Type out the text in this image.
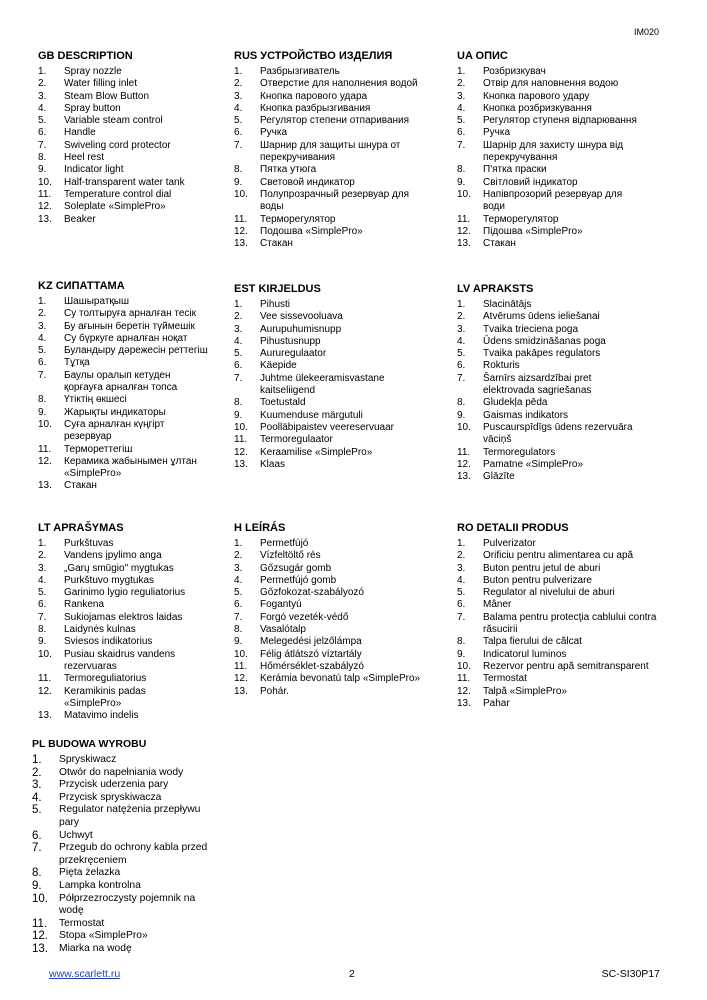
IM020
GB DESCRIPTION
1.	Spray nozzle
2.	Water filling inlet
3.	Steam Blow Button
4.	Spray button
5.	Variable steam control
6.	Handle
7.	Swiveling cord protector
8.	Heel rest
9.	Indicator light
10.	Half-transparent water tank
11.	Temperature control dial
12.	Soleplate «SimplePro»
13.	Beaker
RUS УСТРОЙСТВО ИЗДЕЛИЯ
1.	Разбрызгиватель
2.	Отверстие для наполнения водой
3.	Кнопка парового удара
4.	Кнопка разбрызгивания
5.	Регулятор степени отпаривания
6.	Ручка
7.	Шарнир для защиты шнура от перекручивания
8.	Пятка утюга
9.	Световой индикатор
10.	Полупрозрачный резервуар для воды
11.	Терморегулятор
12.	Подошва «SimplePro»
13.	Стакан
UA ОПИС
1.	Розбризкувач
2.	Отвір для наповнення водою
3.	Кнопка парового удару
4.	Кнопка розбризкування
5.	Регулятор ступеня відпарювання
6.	Ручка
7.	Шарнір для захисту шнура від перекручування
8.	П'ятка праски
9.	Світловий індикатор
10.	Напівпрозорий резервуар для води
11.	Терморегулятор
12.	Підошва «SimplePro»
13.	Стакан
KZ СИПАТТАМА
1.	Шашыратқыш
2.	Су толтыруға арналған тесік
3.	Бу ағынын беретін түймешік
4.	Су бүркуге арналған ноқат
5.	Буландыру дәрежесін реттегіш
6.	Тұтқа
7.	Баулы оралып кетуден қорғауға арналған топса
8.	Үтіктің өкшесі
9.	Жарықты индикаторы
10.	Суға арналған күңгірт резервуар
11.	Термореттегіш
12.	Керамика жабынымен ұлтан «SimplePro»
13.	Стакан
EST KIRJELDUS
1.	Pihusti
2.	Vee sissevooluava
3.	Aurupuhumisnupp
4.	Pihustusnupp
5.	Aururegulaator
6.	Käepide
7.	Juhtme ülekeeramisvastane kaitseliigend
8.	Toetustald
9.	Kuumenduse märgutuli
10.	Poolläbipaistev veereservuaar
11.	Termoregulaator
12.	Keraamilise «SimplePro»
13.	Klaas
LV APRAKSTS
1.	Slacinātājs
2.	Atvērums ūdens ieliešanai
3.	Tvaika trieciena poga
4.	Ūdens smidzināšanas poga
5.	Tvaika pakāpes regulators
6.	Rokturis
7.	Šarnīrs aizsardzībai pret elektrovada sagriešanas
8.	Gludekļa pēda
9.	Gaismas indikators
10.	Puscaurspīdīgs ūdens rezervuāra vāciņš
11.	Termoregulators
12.	Pamatne «SimplePro»
13.	Glāzīte
LT APRAŠYMAS
1.	Purkštuvas
2.	Vandens įpylimo anga
3.	„Garų smūgio" mygtukas
4.	Purkštuvo mygtukas
5.	Garinimo lygio reguliatorius
6.	Rankena
7.	Sukiojamas elektros laidas
8.	Laidynės kulnas
9.	Sviesos indikatorius
10.	Pusiau skaidrus vandens rezervuaras
11.	Termoreguliatorius
12.	Keramikinis padas «SimplePro»
13.	Matavimo indelis
H LEÍRÁS
1.	Permetfújó
2.	Vízfeltöltő rés
3.	Gőzsugár gomb
4.	Permetfújó gomb
5.	Gőzfokozat-szabályozó
6.	Fogantyú
7.	Forgó vezeték-védő
8.	Vasalótalp
9.	Melegedési jelzőlámpa
10.	Félig átlátszó víztartály
11.	Hőmérséklet-szabályzó
12.	Kerámia bevonatú talp «SimplePro»
13.	Pohár.
RO DETALII PRODUS
1.	Pulverizator
2.	Orificiu pentru alimentarea cu apă
3.	Buton pentru jetul de aburi
4.	Buton pentru pulverizare
5.	Regulator al nivelului de aburi
6.	Mâner
7.	Balama pentru protecţia cablului contra răsucirii
8.	Talpa fierului de călcat
9.	Indicatorul luminos
10.	Rezervor pentru apă semitransparent
11.	Termostat
12.	Talpă «SimplePro»
13.	Pahar
PL BUDOWA WYROBU
1.	Spryskiwacz
2.	Otwór do napełniania wody
3.	Przycisk uderzenia pary
4.	Przycisk spryskiwacza
5.	Regulator natężenia przepływu pary
6.	Uchwyt
7.	Przegub do ochrony kabla przed przekręceniem
8.	Pięta żelazka
9.	Lampka kontrolna
10.	Półprzezroczysty pojemnik na wodę
11.	Termostat
12.	Stopa «SimplePro»
13.	Miarka na wodę
www.scarlett.ru	2	SC-SI30P17
